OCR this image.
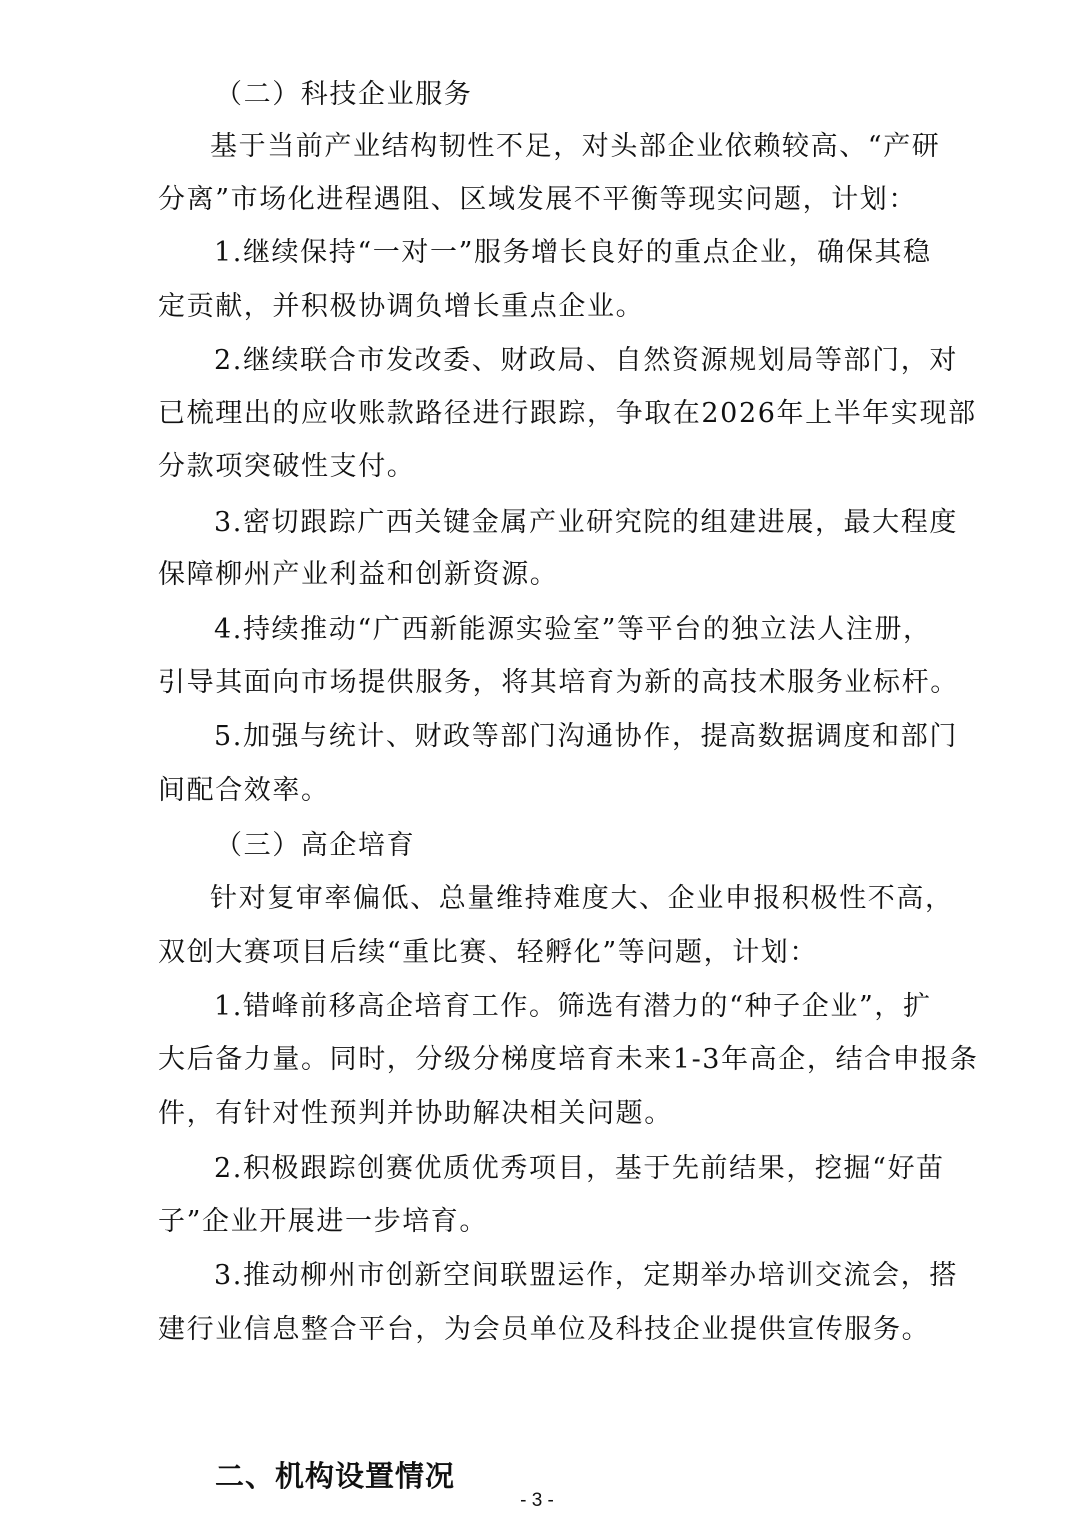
（二）科技企业服务
基于当前产业结构韧性不足，对头部企业依赖较高、“产研
分离”市场化进程遇阻、区域发展不平衡等现实问题，计划：
1.继续保持“一对一”服务增长良好的重点企业，确保其稳
定贡献，并积极协调负增长重点企业。
2.继续联合市发改委、财政局、自然资源规划局等部门，对
已梳理出的应收账款路径进行跟踪，争取在2026年上半年实现部
分款项突破性支付。
3.密切跟踪广西关键金属产业研究院的组建进展，最大程度
保障柳州产业利益和创新资源。
4.持续推动“广西新能源实验室”等平台的独立法人注册，
引导其面向市场提供服务，将其培育为新的高技术服务业标杆。
5.加强与统计、财政等部门沟通协作，提高数据调度和部门
间配合效率。
（三）高企培育
针对复审率偏低、总量维持难度大、企业申报积极性不高，
双创大赛项目后续“重比赛、轻孵化”等问题，计划：
1.错峰前移高企培育工作。筛选有潜力的“种子企业”，扩
大后备力量。同时，分级分梯度培育未来1-3年高企，结合申报条
件，有针对性预判并协助解决相关问题。
2.积极跟踪创赛优质优秀项目，基于先前结果，挖掘“好苗
子”企业开展进一步培育。
3.推动柳州市创新空间联盟运作，定期举办培训交流会，搭
建行业信息整合平台，为会员单位及科技企业提供宣传服务。
二、机构设置情况
- 3 -
